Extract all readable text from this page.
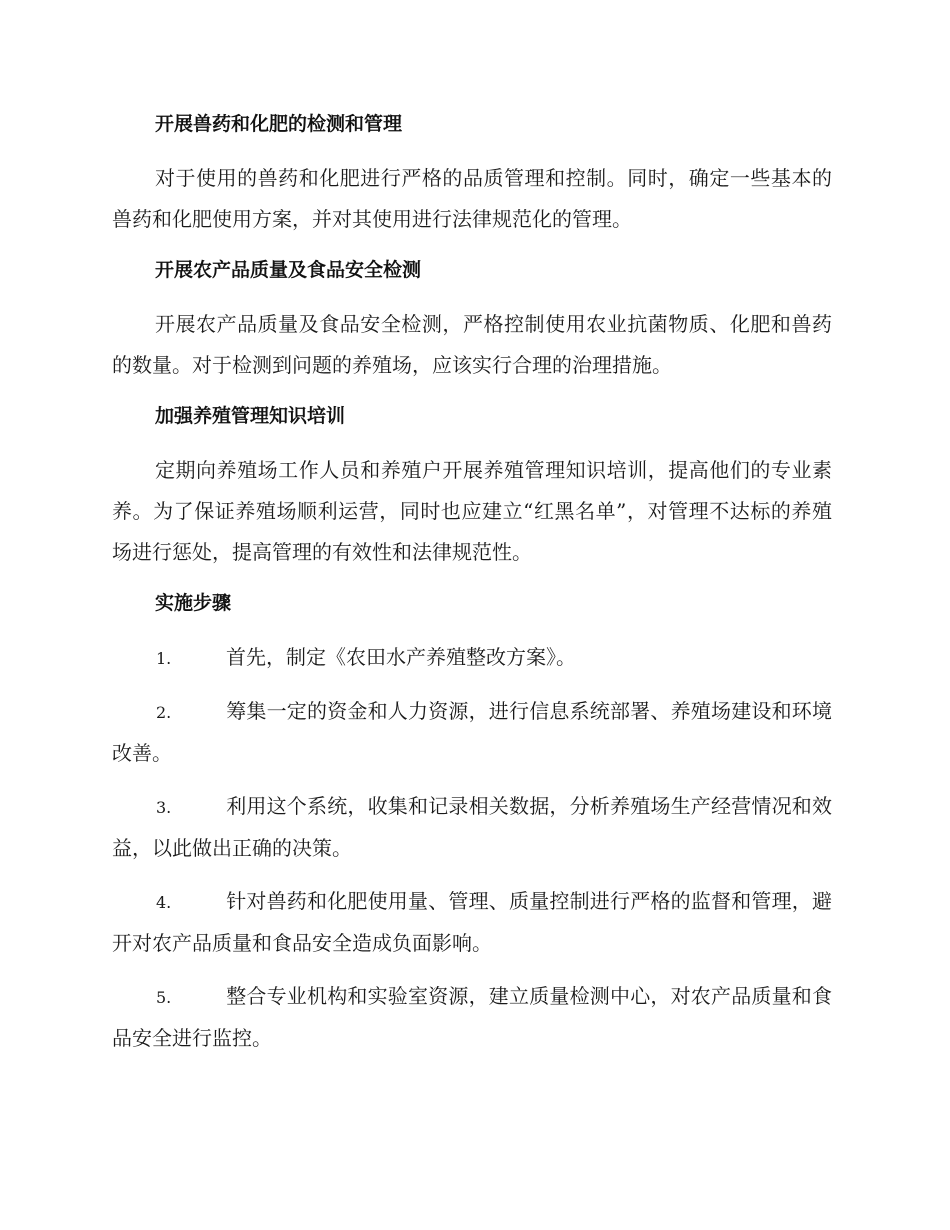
开展兽药和化肥的检测和管理

对于使用的兽药和化肥进行严格的品质管理和控制。同时，确定一些基本的兽药和化肥使用方案，并对其使用进行法律规范化的管理。

开展农产品质量及食品安全检测

开展农产品质量及食品安全检测，严格控制使用农业抗菌物质、化肥和兽药的数量。对于检测到问题的养殖场，应该实行合理的治理措施。

加强养殖管理知识培训

定期向养殖场工作人员和养殖户开展养殖管理知识培训，提高他们的专业素养。为了保证养殖场顺利运营，同时也应建立“红黑名单”，对管理不达标的养殖场进行惩处，提高管理的有效性和法律规范性。

实施步骤

1.	首先，制定《农田水产养殖整改方案》。

2.	筹集一定的资金和人力资源，进行信息系统部署、养殖场建设和环境改善。

3.	利用这个系统，收集和记录相关数据，分析养殖场生产经营情况和效益，以此做出正确的决策。

4.	针对兽药和化肥使用量、管理、质量控制进行严格的监督和管理，避开对农产品质量和食品安全造成负面影响。

5.	整合专业机构和实验室资源，建立质量检测中心，对农产品质量和食品安全进行监控。
